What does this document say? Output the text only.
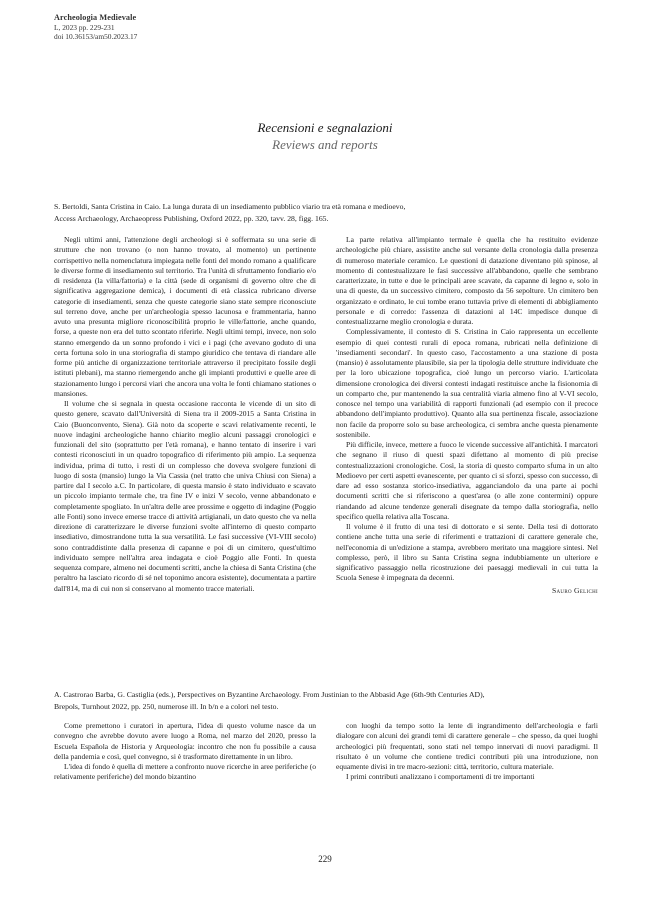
Archeologia Medievale
L, 2023 pp. 229-231
doi 10.36153/am50.2023.17
Recensioni e segnalazioni
Reviews and reports
S. Bertoldi, Santa Cristina in Caio. La lunga durata di un insediamento pubblico viario tra età romana e medioevo,
Access Archaeology, Archaeopress Publishing, Oxford 2022, pp. 320, tavv. 28, figg. 165.

Negli ultimi anni, l'attenzione degli archeologi si è soffermata su una serie di strutture che non trovano (o non hanno trovato, al momento) un pertinente corrispettivo nella nomenclatura impiegata nelle fonti del mondo romano a qualificare le diverse forme di insediamento sul territorio. Tra l'unità di sfruttamento fondiario e/o di residenza (la villa/fattoria) e la città (sede di organismi di governo oltre che di significativa aggregazione demica), i documenti di età classica rubricano diverse categorie di insediamenti, senza che queste categorie siano state sempre riconosciute sul terreno dove, anche per un'archeologia spesso lacunosa e frammentaria, hanno avuto una presunta migliore riconoscibilità proprio le ville/fattorie, anche quando, forse, a queste non era del tutto scontato riferirle. Negli ultimi tempi, invece, non solo stanno emergendo da un sonno profondo i vici e i pagi (che avevano goduto di una certa fortuna solo in una storiografia di stampo giuridico che tentava di riandare alle forme più antiche di organizzazione territoriale attraverso il precipitato fossile degli istituti plebani), ma stanno riemergendo anche gli impianti produttivi e quelle aree di stazionamento lungo i percorsi viari che ancora una volta le fonti chiamano stationes o mansiones.

Il volume che si segnala in questa occasione racconta le vicende di un sito di questo genere, scavato dall'Università di Siena tra il 2009-2015 a Santa Cristina in Caio (Buonconvento, Siena). Già noto da scoperte e scavi relativamente recenti, le nuove indagini archeologiche hanno chiarito meglio alcuni passaggi cronologici e funzionali del sito (soprattutto per l'età romana), e hanno tentato di inserire i vari contesti riconosciuti in un quadro topografico di riferimento più ampio. La sequenza individua, prima di tutto, i resti di un complesso che doveva svolgere funzioni di luogo di sosta (mansio) lungo la Via Cassia (nel tratto che univa Chiusi con Siena) a partire dal I secolo a.C. In particolare, di questa mansio è stato individuato e scavato un piccolo impianto termale che, tra fine IV e inizi V secolo, venne abbandonato e completamente spogliato. In un'altra delle aree prossime e oggetto di indagine (Poggio alle Fonti) sono invece emerse tracce di attività artigianali, un dato questo che va nella direzione di caratterizzare le diverse funzioni svolte all'interno di questo comparto insediativo, dimostrandone tutta la sua versatilità. Le fasi successive (VI-VIII secolo) sono contraddistinte dalla presenza di capanne e poi di un cimitero, quest'ultimo individuato sempre nell'altra area indagata e cioè Poggio alle Fonti. In questa sequenza compare, almeno nei documenti scritti, anche la chiesa di Santa Cristina (che peraltro ha lasciato ricordo di sé nel toponimo ancora esistente), documentata a partire dall'814, ma di cui non si conservano al momento tracce materiali.

La parte relativa all'impianto termale è quella che ha restituito evidenze archeologiche più chiare, assistite anche sul versante della cronologia dalla presenza di numeroso materiale ceramico. Le questioni di datazione diventano più spinose, al momento di contestualizzare le fasi successive all'abbandono, quelle che sembrano caratterizzate, in tutte e due le principali aree scavate, da capanne di legno e, solo in una di queste, da un successivo cimitero, composto da 56 sepolture. Un cimitero ben organizzato e ordinato, le cui tombe erano tuttavia prive di elementi di abbigliamento personale e di corredo: l'assenza di datazioni al 14C impedisce dunque di contestualizzarne meglio cronologia e durata.

Complessivamente, il contesto di S. Cristina in Caio rappresenta un eccellente esempio di quei contesti rurali di epoca romana, rubricati nella definizione di 'insediamenti secondari'. In questo caso, l'accostamento a una stazione di posta (mansio) è assolutamente plausibile, sia per la tipologia delle strutture individuate che per la loro ubicazione topografica, cioè lungo un percorso viario. L'articolata dimensione cronologica dei diversi contesti indagati restituisce anche la fisionomia di un comparto che, pur mantenendo la sua centralità viaria almeno fino al V-VI secolo, conosce nel tempo una variabilità di rapporti funzionali (ad esempio con il precoce abbandono dell'impianto produttivo). Quanto alla sua pertinenza fiscale, associazione non facile da proporre solo su base archeologica, ci sembra anche questa pienamente sostenibile.

Più difficile, invece, mettere a fuoco le vicende successive all'antichità. I marcatori che segnano il riuso di questi spazi difettano al momento di più precise contestualizzazioni cronologiche. Così, la storia di questo comparto sfuma in un alto Medioevo per certi aspetti evanescente, per quanto ci si sforzi, spesso con successo, di dare ad esso sostanza storico-insediativa, agganciandolo da una parte ai pochi documenti scritti che si riferiscono a quest'area (o alle zone contermini) oppure riandando ad alcune tendenze generali disegnate da tempo dalla storiografia, nello specifico quella relativa alla Toscana.

Il volume è il frutto di una tesi di dottorato e si sente. Della tesi di dottorato contiene anche tutta una serie di riferimenti e trattazioni di carattere generale che, nell'economia di un'edizione a stampa, avrebbero meritato una maggiore sintesi. Nel complesso, però, il libro su Santa Cristina segna indubbiamente un ulteriore e significativo passaggio nella ricostruzione dei paesaggi medievali in cui tutta la Scuola Senese è impegnata da decenni.

Sauro Gelichi
A. Castrorao Barba, G. Castiglia (eds.), Perspectives on Byzantine Archaeology. From Justinian to the Abbasid Age (6th-9th Centuries AD),
Brepols, Turnhout 2022, pp. 250, numerose ill. In b/n e a colori nel testo.

Come premettono i curatori in apertura, l'idea di questo volume nasce da un convegno che avrebbe dovuto avere luogo a Roma, nel marzo del 2020, presso la Escuela Española de Historia y Arqueología: incontro che non fu possibile a causa della pandemia e così, quel convegno, si è trasformato direttamente in un libro.

L'idea di fondo è quella di mettere a confronto nuove ricerche in aree periferiche (o relativamente periferiche) del mondo bizantino

con luoghi da tempo sotto la lente di ingrandimento dell'archeologia e farli dialogare con alcuni dei grandi temi di carattere generale – che spesso, da quei luoghi archeologici più frequentati, sono stati nel tempo innervati di nuovi paradigmi. Il risultato è un volume che contiene tredici contributi più una introduzione, non equamente divisi in tre macro-sezioni: città, territorio, cultura materiale.

I primi contributi analizzano i comportamenti di tre importanti

229
